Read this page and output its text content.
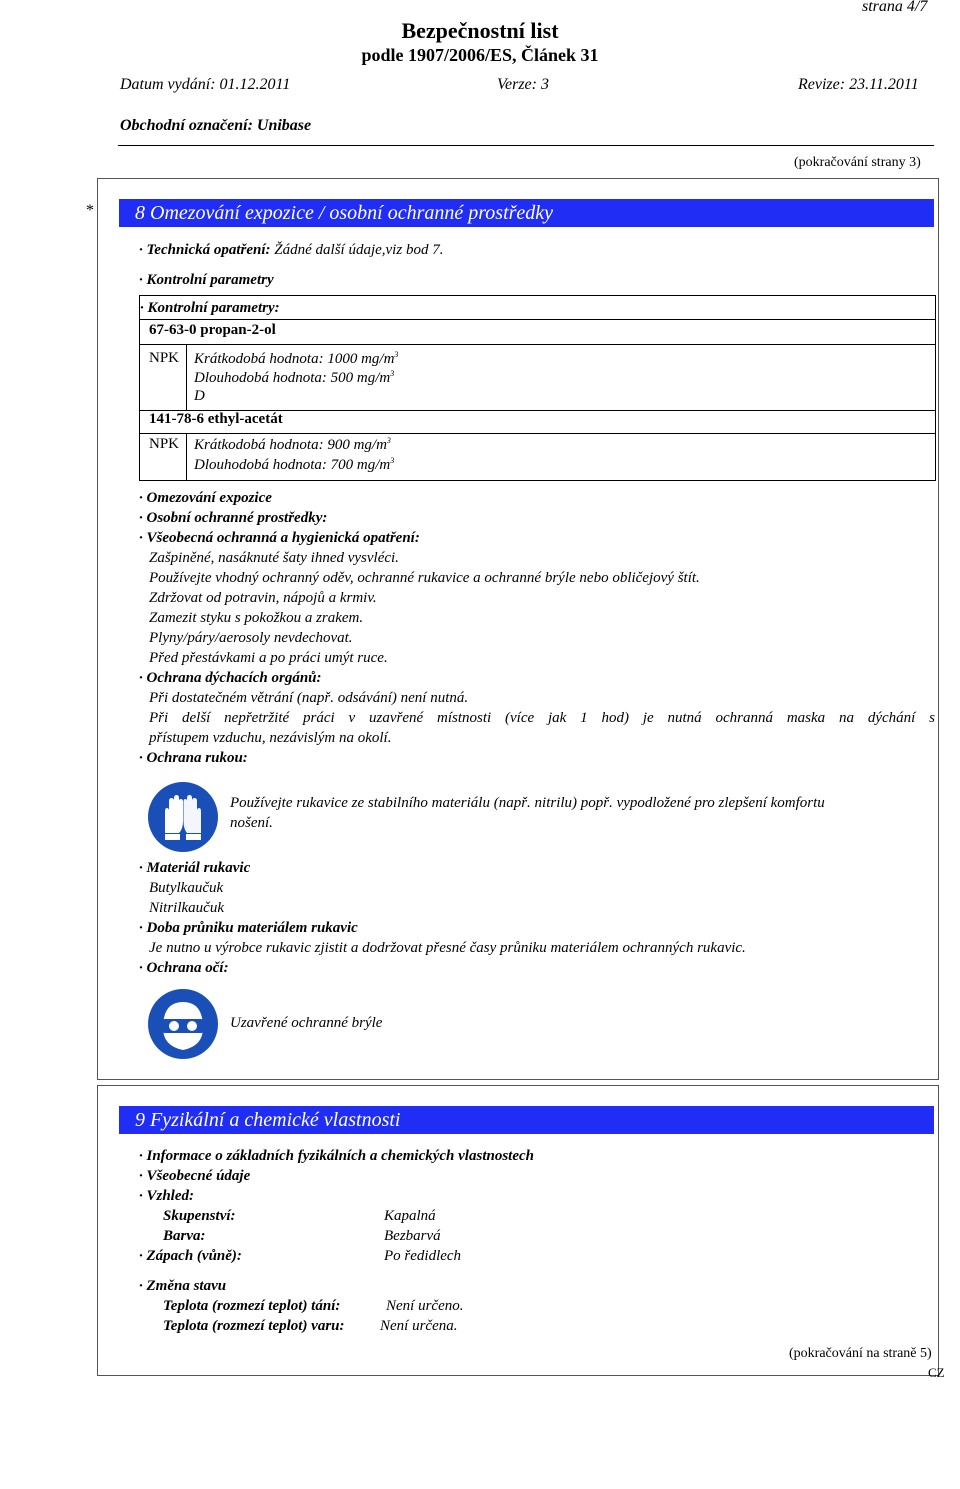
strana 4/7
Bezpečnostní list
podle 1907/2006/ES, Článek 31
Datum vydání: 01.12.2011	Verze: 3	Revize: 23.11.2011
Obchodní označení: Unibase
(pokračování strany 3)
*	8 Omezování expozice / osobní ochranné prostředky
· Technická opatření: Žádné další údaje,viz bod 7.
· Kontrolní parametry
· Kontrolní parametry:
67-63-0 propan-2-ol
NPK Krátkodobá hodnota: 1000 $mg/m^3$
Dlouhodobá hodnota: 500 $mg/m^3$
D
141-78-6 ethyl-acetát
NPK Krátkodobá hodnota: 900 $mg/m^3$
Dlouhodobá hodnota: 700 $mg/m^3$
· Omezování expozice
· Osobní ochranné prostředky:
· Všeobecná ochranná a hygienická opatření:
Zašpiněné, nasáknuté šaty ihned vysvléci.
Používejte vhodný ochranný oděv, ochranné rukavice a ochranné brýle nebo obličejový štít.
Zdržovat od potravin, nápojů a krmiv.
Zamezit styku s pokožkou a zrakem.
Plyny/páry/aerosoly nevdechovat.
Před přestávkami a po práci umýt ruce.
· Ochrana dýchacích orgánů:
Při dostatečném větrání (např. odsávání) není nutná.
Při delší nepřetržité práci v uzavřené místnosti (více jak 1 hod) je nutná ochranná maska na dýchání s
přístupem vzduchu, nezávislým na okolí.
· Ochrana rukou:
Používejte rukavice ze stabilního materiálu (např. nitrilu) popř. vypodložené pro zlepšení komfortu
nošení.
· Materiál rukavic
Butylkaučuk
Nitrilkaučuk
· Doba průniku materiálem rukavic
Je nutno u výrobce rukavic zjistit a dodržovat přesné časy průniku materiálem ochranných rukavic.
· Ochrana očí:
Uzavřené ochranné brýle
9 Fyzikální a chemické vlastnosti
· Informace o základních fyzikálních a chemických vlastnostech
· Všeobecné údaje
· Vzhled:
Skupenství:	Kapalná
Barva:	Bezbarvá
· Zápach (vůně):	Po ředidlech
· Změna stavu
Teplota (rozmezí teplot) tání:	Není určeno.
Teplota (rozmezí teplot) varu: Není určena.
(pokračování na straně 5)
CZ
